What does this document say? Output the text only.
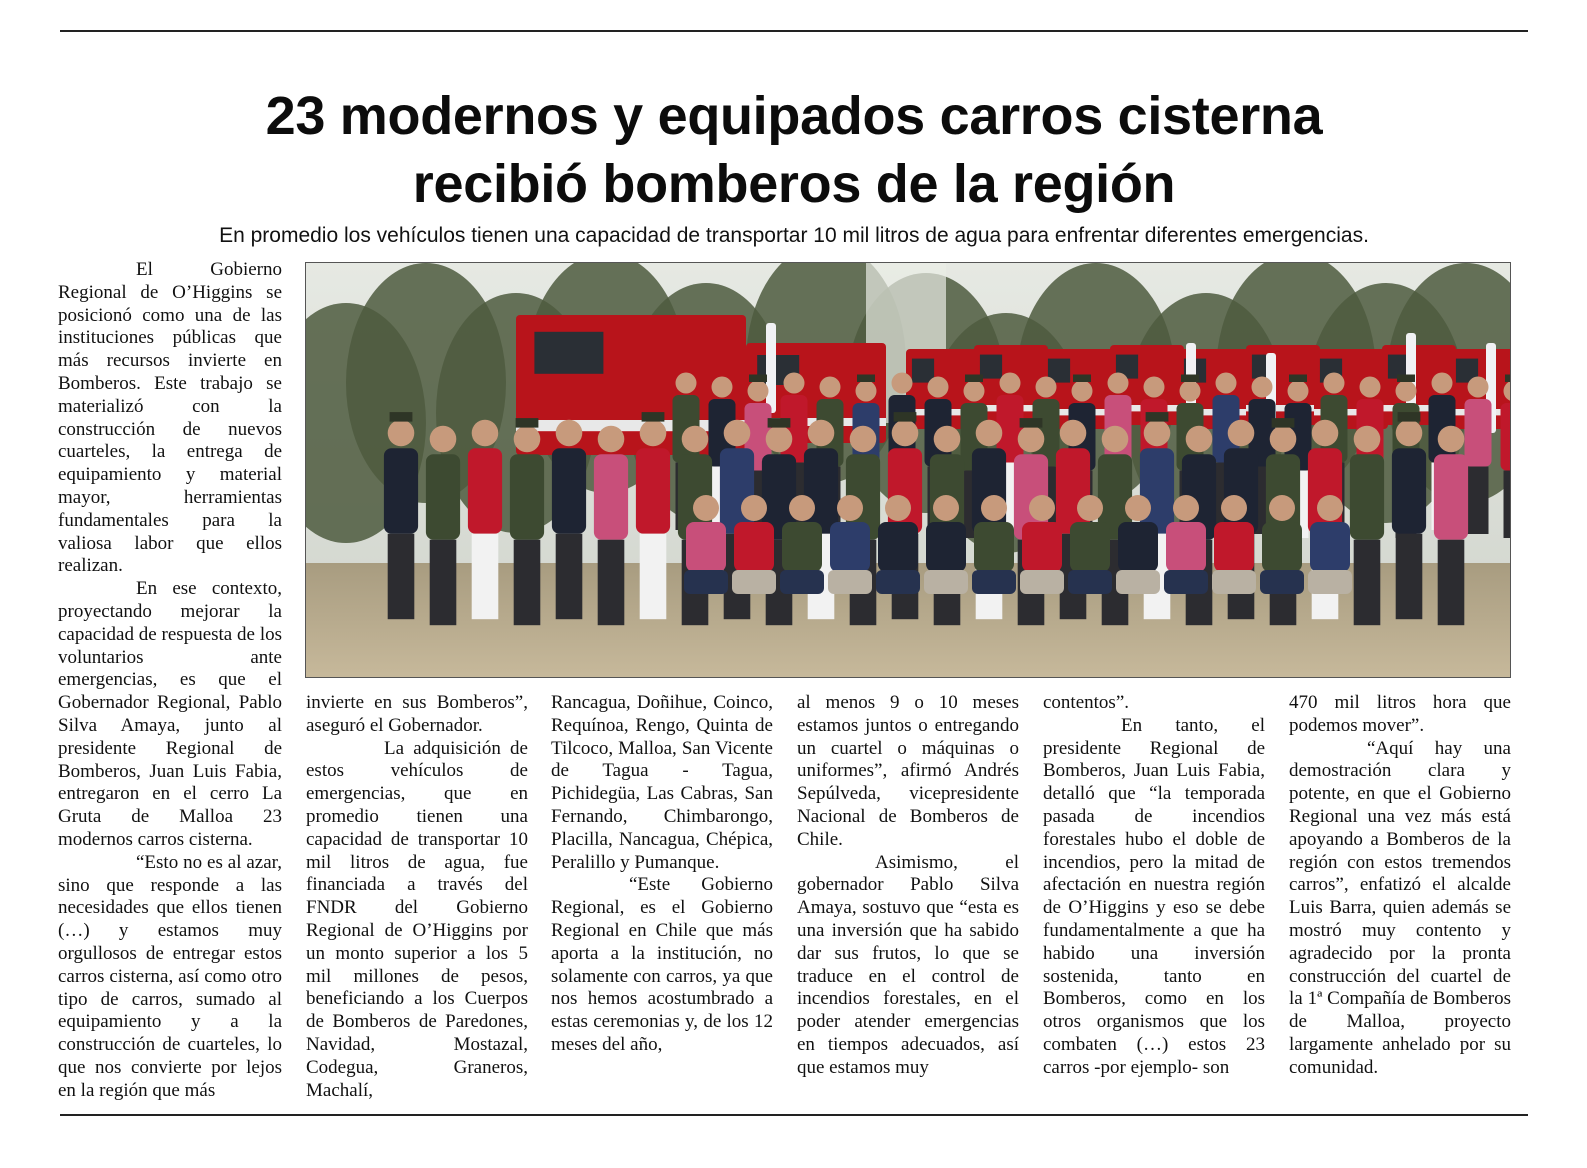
23 modernos y equipados carros cisterna
recibió bomberos de la región

En promedio los vehículos tienen una capacidad de transportar 10 mil litros de agua para enfrentar diferentes emergencias.

El Gobierno Regional de O’Higgins se posicionó como una de las instituciones públicas que más recursos invierte en Bomberos. Este trabajo se materializó con la construcción de nuevos cuarteles, la entrega de equipamiento y material mayor, herramientas fundamentales para la valiosa labor que ellos realizan.

En ese contexto, proyectando mejorar la capacidad de respuesta de los voluntarios ante emergencias, es que el Gobernador Regional, Pablo Silva Amaya, junto al presidente Regional de Bomberos, Juan Luis Fabia, entregaron en el cerro La Gruta de Malloa 23 modernos carros cisterna.

“Esto no es al azar, sino que responde a las necesidades que ellos tienen (…) y estamos muy orgullosos de entregar estos carros cisterna, así como otro tipo de carros, sumado al equipamiento y a la construcción de cuarteles, lo que nos convierte por lejos en la región que más

invierte en sus Bomberos”, aseguró el Gobernador.

La adquisición de estos vehículos de emergencias, que en promedio tienen una capacidad de transportar 10 mil litros de agua, fue financiada a través del FNDR del Gobierno Regional de O’Higgins por un monto superior a los 5 mil millones de pesos, beneficiando a los Cuerpos de Bomberos de Paredones, Navidad, Mostazal, Codegua, Graneros, Machalí,

Rancagua, Doñihue, Coinco, Requínoa, Rengo, Quinta de Tilcoco, Malloa, San Vicente de Tagua - Tagua, Pichidegüa, Las Cabras, San Fernando, Chimbarongo, Placilla, Nancagua, Chépica, Peralillo y Pumanque.

“Este Gobierno Regional, es el Gobierno Regional en Chile que más aporta a la institución, no solamente con carros, ya que nos hemos acostumbrado a estas ceremonias y, de los 12 meses del año,

al menos 9 o 10 meses estamos juntos o entregando un cuartel o máquinas o uniformes”, afirmó Andrés Sepúlveda, vicepresidente Nacional de Bomberos de Chile.

Asimismo, el gobernador Pablo Silva Amaya, sostuvo que “esta es una inversión que ha sabido dar sus frutos, lo que se traduce en el control de incendios forestales, en el poder atender emergencias en tiempos adecuados, así que estamos muy

contentos”.

En tanto, el presidente Regional de Bomberos, Juan Luis Fabia, detalló que “la temporada pasada de incendios forestales hubo el doble de incendios, pero la mitad de afectación en nuestra región de O’Higgins y eso se debe fundamentalmente a que ha habido una inversión sostenida, tanto en Bomberos, como en los otros organismos que los combaten (…) estos 23 carros -por ejemplo- son

470 mil litros hora que podemos mover”.

“Aquí hay una demostración clara y potente, en que el Gobierno Regional una vez más está apoyando a Bomberos de la región con estos tremendos carros”, enfatizó el alcalde Luis Barra, quien además se mostró muy contento y agradecido por la pronta construcción del cuartel de la 1ª Compañía de Bomberos de Malloa, proyecto largamente anhelado por su comunidad.
